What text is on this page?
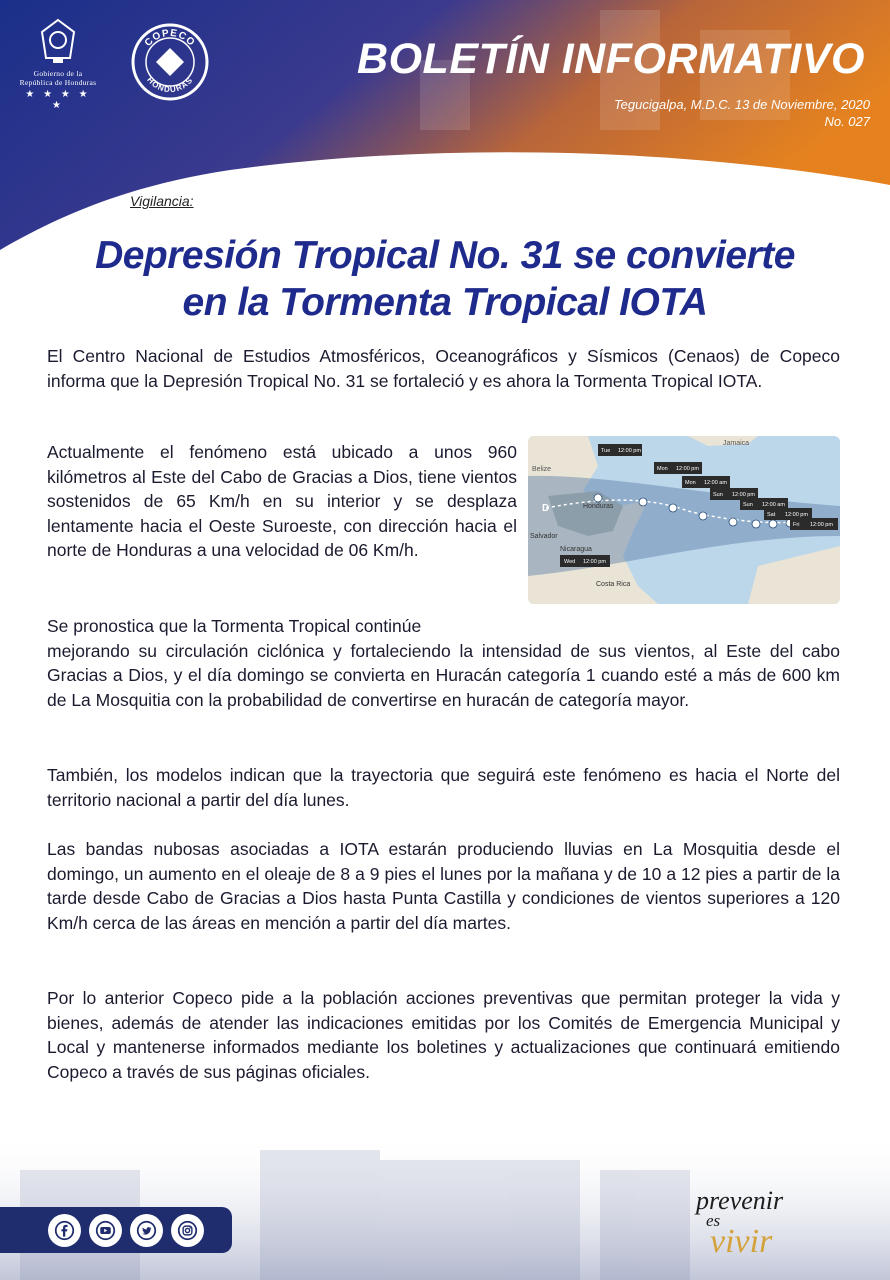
Gobierno de la
República de Honduras
★ ★ ★ ★ ★
COPECO
HONDURAS	BOLETÍN INFORMATIVO
Tegucigalpa, M.D.C. 13 de Noviembre, 2020
No. 027
Vigilancia:
Depresión Tropical No. 31 se convierte
en la Tormenta Tropical IOTA
El Centro Nacional de Estudios Atmosféricos, Oceanográficos y Sísmicos (Cenaos) de Copeco informa que la Depresión Tropical No. 31 se fortaleció y es ahora la Tormenta Tropical IOTA.
Actualmente el fenómeno está ubicado a unos 960 kilómetros al Este del Cabo de Gracias a Dios, tiene vientos sostenidos de 65 Km/h en su interior y se desplaza lentamente hacia el Oeste Suroeste, con dirección hacia el norte de Honduras a una velocidad de 06 Km/h.
Jamaica
Belize
Honduras
Salvador
Nicaragua
Costa Rica
D
Tue 12:00 pm
Mon 12:00 pm
Mon 12:00 am
Sun 12:00 pm
Sun 12:00 am
Sat 12:00 pm
Fri 12:00 pm
Wed 12:00 pm
Se pronostica que la Tormenta Tropical continúe
mejorando su circulación ciclónica y fortaleciendo la intensidad de sus vientos, al Este del cabo Gracias a Dios, y el día domingo se convierta en Huracán categoría 1 cuando esté a más de 600 km de La Mosquitia con la probabilidad de convertirse en huracán de categoría mayor.
También, los modelos indican que la trayectoria que seguirá este fenómeno es hacia el Norte del territorio nacional a partir del día lunes.
Las bandas nubosas asociadas a IOTA estarán produciendo lluvias en La Mosquitia desde el domingo, un aumento en el oleaje de 8 a 9 pies el lunes por la mañana y de 10 a 12 pies a partir de la tarde desde Cabo de Gracias a Dios hasta Punta Castilla y condiciones de vientos superiores a 120 Km/h cerca de las áreas en mención a partir del día martes.
Por lo anterior Copeco pide a la población acciones preventivas que permitan proteger la vida y bienes, además de atender las indicaciones emitidas por los Comités de Emergencia Municipal y Local y mantenerse informados mediante los boletines y actualizaciones que continuará emitiendo Copeco a través de sus páginas oficiales.
prevenir
es
vivir
